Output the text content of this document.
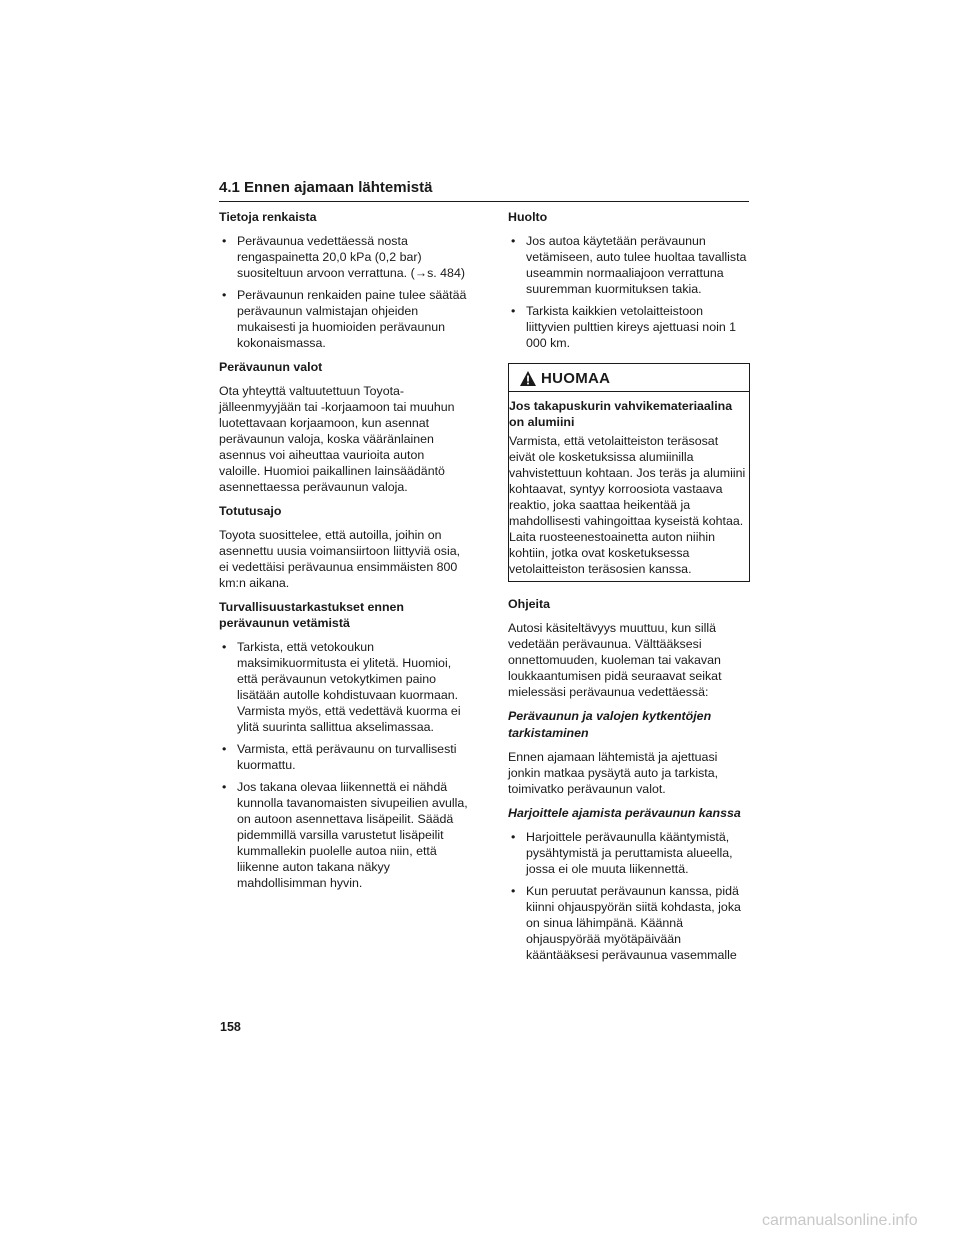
4.1 Ennen ajamaan lähtemistä
Tietoja renkaista
• Perävaunua vedettäessä nosta rengaspainetta 20,0 kPa (0,2 bar) suositeltuun arvoon verrattuna. (→s. 484)
• Perävaunun renkaiden paine tulee säätää perävaunun valmistajan ohjeiden mukaisesti ja huomioiden perävaunun kokonaismassa.
Perävaunun valot

Ota yhteyttä valtuutettuun Toyota-jälleenmyyjään tai -korjaamoon tai muuhun luotettavaan korjaamoon, kun asennat perävaunun valoja, koska vääränlainen asennus voi aiheuttaa vaurioita auton valoille. Huomioi paikallinen lainsäädäntö asennettaessa perävaunun valoja.

Totutusajo

Toyota suosittelee, että autoilla, joihin on asennettu uusia voimansiirtoon liittyviä osia, ei vedettäisi perävaunua ensimmäisten 800 km:n aikana.

Turvallisuustarkastukset ennen perävaunun vetämistä
• Tarkista, että vetokoukun maksimikuormitusta ei ylitetä. Huomioi, että perävaunun vetokytkimen paino lisätään autolle kohdistuvaan kuormaan. Varmista myös, että vedettävä kuorma ei ylitä suurinta sallittua akselimassaa.
• Varmista, että perävaunu on turvallisesti kuormattu.
• Jos takana olevaa liikennettä ei nähdä kunnolla tavanomaisten sivupeilien avulla, on autoon asennettava lisäpeilit. Säädä pidemmillä varsilla varustetut lisäpeilit kummallekin puolelle autoa niin, että liikenne auton takana näkyy mahdollisimman hyvin.
Huolto
• Jos autoa käytetään perävaunun vetämiseen, auto tulee huoltaa tavallista useammin normaaliajoon verrattuna suuremman kuormituksen takia.
• Tarkista kaikkien vetolaitteistoon liittyvien pulttien kireys ajettuasi noin 1 000 km.
HUOMAA
Jos takapuskurin vahvikemateriaalina on alumiini

Varmista, että vetolaitteiston teräsosat eivät ole kosketuksissa alumiinilla vahvistettuun kohtaan. Jos teräs ja alumiini kohtaavat, syntyy korroosiota vastaava reaktio, joka saattaa heikentää ja mahdollisesti vahingoittaa kyseistä kohtaa. Laita ruosteenestoainetta auton niihin kohtiin, jotka ovat kosketuksessa vetolaitteiston teräsosien kanssa.

Ohjeita

Autosi käsiteltävyys muuttuu, kun sillä vedetään perävaunua. Välttääksesi onnettomuuden, kuoleman tai vakavan loukkaantumisen pidä seuraavat seikat mielessäsi perävaunua vedettäessä:

Perävaunun ja valojen kytkentöjen tarkistaminen

Ennen ajamaan lähtemistä ja ajettuasi jonkin matkaa pysäytä auto ja tarkista, toimivatko perävaunun valot.

Harjoittele ajamista perävaunun kanssa
• Harjoittele perävaunulla kääntymistä, pysähtymistä ja peruttamista alueella, jossa ei ole muuta liikennettä.
• Kun peruutat perävaunun kanssa, pidä kiinni ohjauspyörän siitä kohdasta, joka on sinua lähimpänä. Käännä ohjauspyörää myötäpäivään kääntääksesi perävaunua vasemmalle
158
carmanualsonline.info
